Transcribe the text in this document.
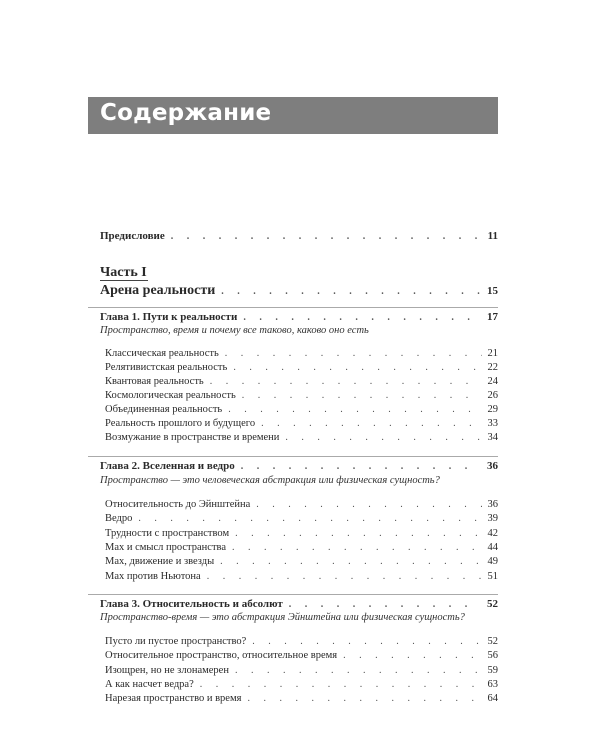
Содержание
Предисловие . . .	11
Часть I
Арена реальности . . .	15
Глава 1. Пути к реальности . . .	17
Пространство, время и почему все таково, каково оно есть
Классическая реальность . . .	21
Релятивистская реальность . . .	22
Квантовая реальность . . .	24
Космологическая реальность . . .	26
Объединенная реальность . . .	29
Реальность прошлого и будущего . . .	33
Возмужание в пространстве и времени . . .	34
Глава 2. Вселенная и ведро . . .	36
Пространство — это человеческая абстракция или физическая сущность?
Относительность до Эйнштейна . . .	36
Ведро . . .	39
Трудности с пространством . . .	42
Мах и смысл пространства . . .	44
Мах, движение и звезды . . .	49
Мах против Ньютона . . .	51
Глава 3. Относительность и абсолют . . .	52
Пространство-время — это абстракция Эйнштейна или физическая сущность?
Пусто ли пустое пространство? . . .	52
Относительное пространство, относительное время . . .	56
Изощрен, но не злонамерен . . .	59
А как насчет ведра? . . .	63
Нарезая пространство и время . . .	64
